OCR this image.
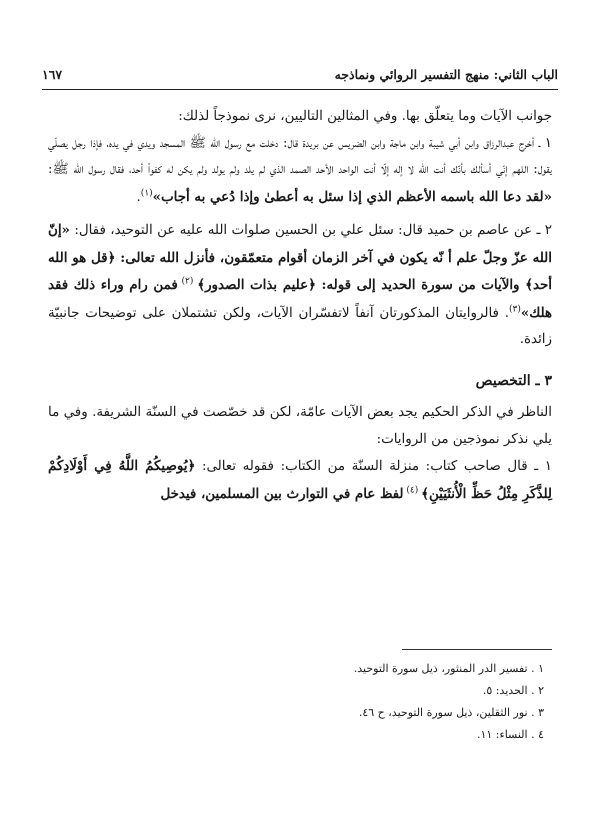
الباب الثاني: منهج التفسير الروائي ونماذجه
١٦٧

جوانب الآيات وما يتعلّق بها. وفي المثالين التاليين، نرى نموذجاً لذلك:

١ ـ أخرج عبدالرزاق وابن أبي شيبة وابن ماجة وابن الضريس عن بريدة قال: دخلت مع رسول الله ﷺ المسجد ويدي في يده، فإذا رجل يصلّي يقول: اللهم إنّي أسألك بأنّك أنت الله لا إله إلّا أنت الواحد الأحد الصمد الذي لم يلد ولم يولد ولم يكن له كفواً أحد، فقال رسول الله ﷺ: «لقد دعا الله باسمه الأعظم الذي إذا سئل به أعطىٰ وإذا دُعي به أجاب»$^{(١)}$.

٢ ـ عن عاصم بن حميد قال: سئل علي بن الحسين صلوات الله عليه عن التوحيد، فقال: «إنّ الله عزّ وجلّ علم أ نّه يكون في آخر الزمان أقوام متعمّقون، فأنزل الله تعالى: ﴿قل هو الله أحد﴾ والآيات من سورة الحديد إلى قوله: ﴿عليم بذات الصدور﴾ $^{(٢)}$ فمن رام وراء ذلك فقد هلك»$^{(٣)}$. فالروايتان المذكورتان آنفاً لاتفسّران الآيات، ولكن تشتملان على توضيحات جانبيّة زائدة.

٣ ـ التخصيص

الناظر في الذكر الحكيم يجد بعض الآيات عامّة، لكن قد خصّصت في السنّة الشريفة. وفي ما يلي نذكر نموذجين من الروايات:

١ ـ قال صاحب كتاب: منزلة السنّة من الكتاب: فقوله تعالى: ﴿يُوصِيكُمُ اللَّهُ فِي أَوْلَادِكُمْ لِلذَّكَرِ مِثْلُ حَظِّ الْأُنثَيَيْنِ﴾ $^{(٤)}$ لفظ عام في التوارث بين المسلمين، فيدخل

١ . تفسير الدر المنثور، ذيل سورة التوحيد.
٢ . الحديد: ٥.
٣ . نور الثقلين، ذيل سورة التوحيد، ح ٤٦.
٤ . النساء: ١١.
